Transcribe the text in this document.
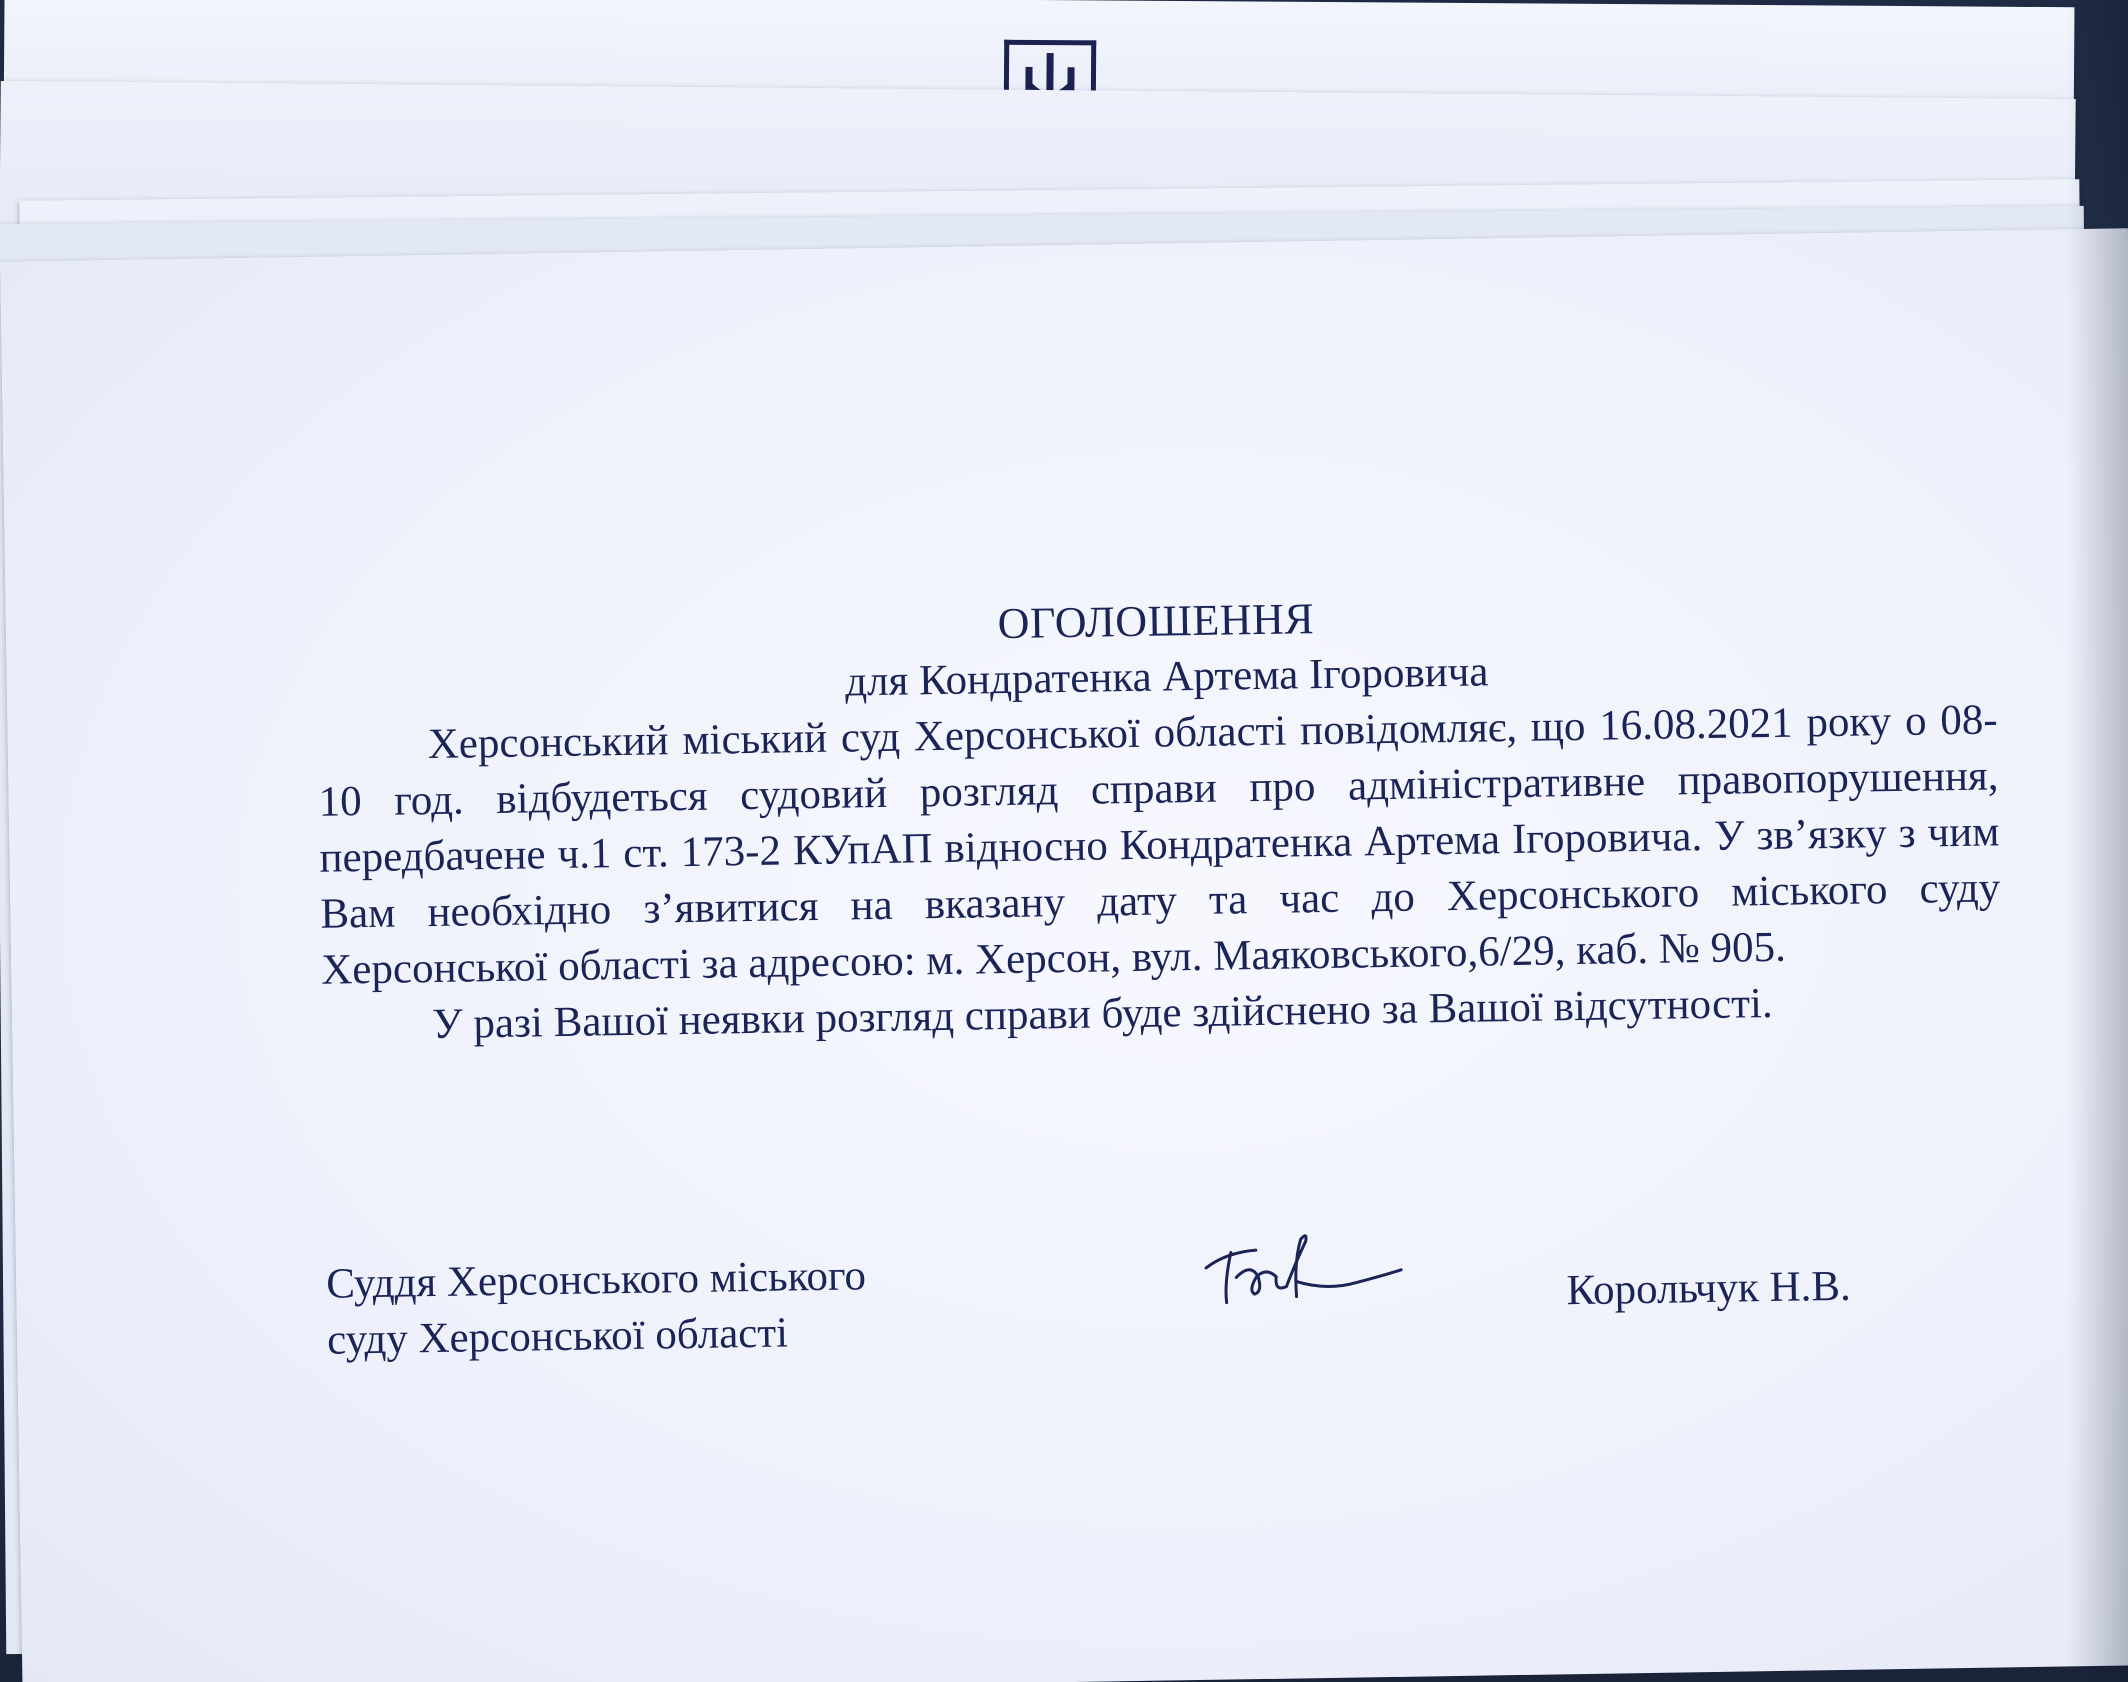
ОГОЛОШЕННЯ

для Кондратенка Артема Ігоровича

Херсонський міський суд Херсонської області повідомляє, що 16.08.2021 року о 08-10 год. відбудеться судовий розгляд справи про адміністративне правопорушення, передбачене ч.1 ст. 173-2 КУпАП відносно Кондратенка Артема Ігоровича. У зв’язку з чим Вам необхідно з’явитися на вказану дату та час до Херсонського міського суду Херсонської області за адресою: м. Херсон, вул. Маяковського,6/29, каб. № 905.

У разі Вашої неявки розгляд справи буде здійснено за Вашої відсутності.

Суддя Херсонського міського
суду Херсонської області
Корольчук Н.В.
